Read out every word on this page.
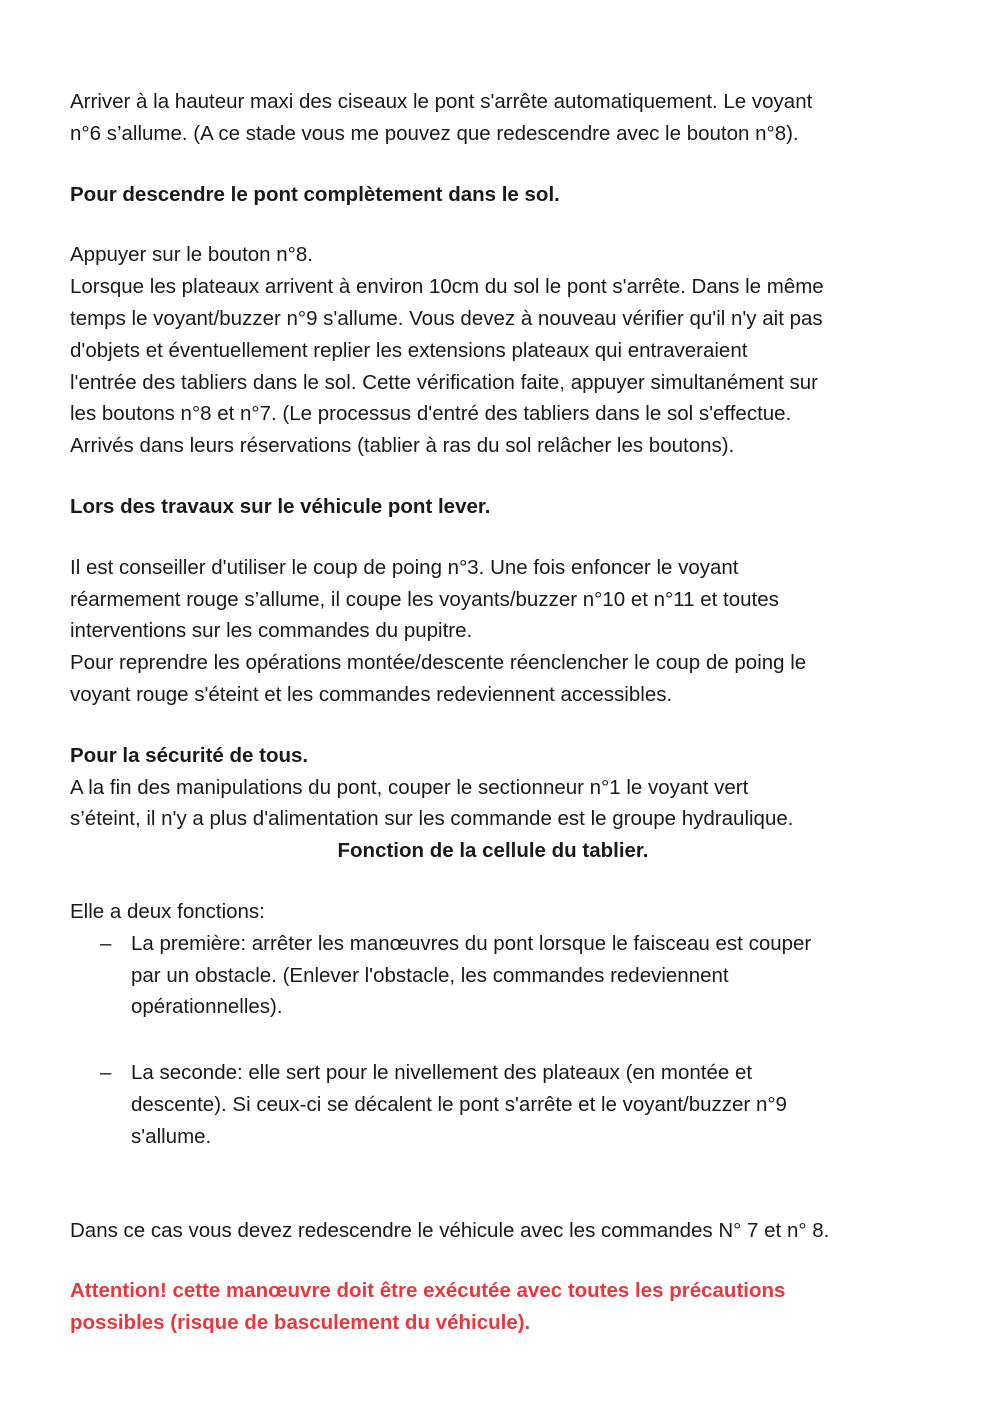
Arriver à la hauteur maxi des ciseaux le pont s'arrête automatiquement. Le voyant
n°6 s’allume. (A ce stade vous me pouvez que redescendre avec le bouton n°8).

Pour descendre le pont complètement dans le sol.

Appuyer sur le bouton n°8.
Lorsque les plateaux arrivent à environ 10cm du sol le pont s'arrête. Dans le même
temps le voyant/buzzer n°9 s'allume. Vous devez à nouveau vérifier qu'il n'y ait pas
d'objets et éventuellement replier les extensions plateaux qui entraveraient
l'entrée des tabliers dans le sol. Cette vérification faite, appuyer simultanément sur
les boutons n°8 et n°7. (Le processus d'entré des tabliers dans le sol s'effectue.
Arrivés dans leurs réservations (tablier à ras du sol relâcher les boutons).

Lors des travaux sur le véhicule pont lever.

Il est conseiller d'utiliser le coup de poing n°3. Une fois enfoncer le voyant
réarmement rouge s’allume, il coupe les voyants/buzzer n°10 et n°11 et toutes
interventions sur les commandes du pupitre.
Pour reprendre les opérations montée/descente réenclencher le coup de poing le
voyant rouge s'éteint et les commandes redeviennent accessibles.

Pour la sécurité de tous.

A la fin des manipulations du pont, couper le sectionneur n°1 le voyant vert
s’éteint, il n'y a plus d'alimentation sur les commande est le groupe hydraulique.

Fonction de la cellule du tablier.

Elle a deux fonctions:

– La première: arrêter les manœuvres du pont lorsque le faisceau est couper
par un obstacle. (Enlever l'obstacle, les commandes redeviennent
opérationnelles).
– La seconde: elle sert pour le nivellement des plateaux (en montée et
descente). Si ceux-ci se décalent le pont s'arrête et le voyant/buzzer n°9
s'allume.

Dans ce cas vous devez redescendre le véhicule avec les commandes N° 7 et n° 8.

Attention! cette manœuvre doit être exécutée avec toutes les précautions
possibles (risque de basculement du véhicule).
